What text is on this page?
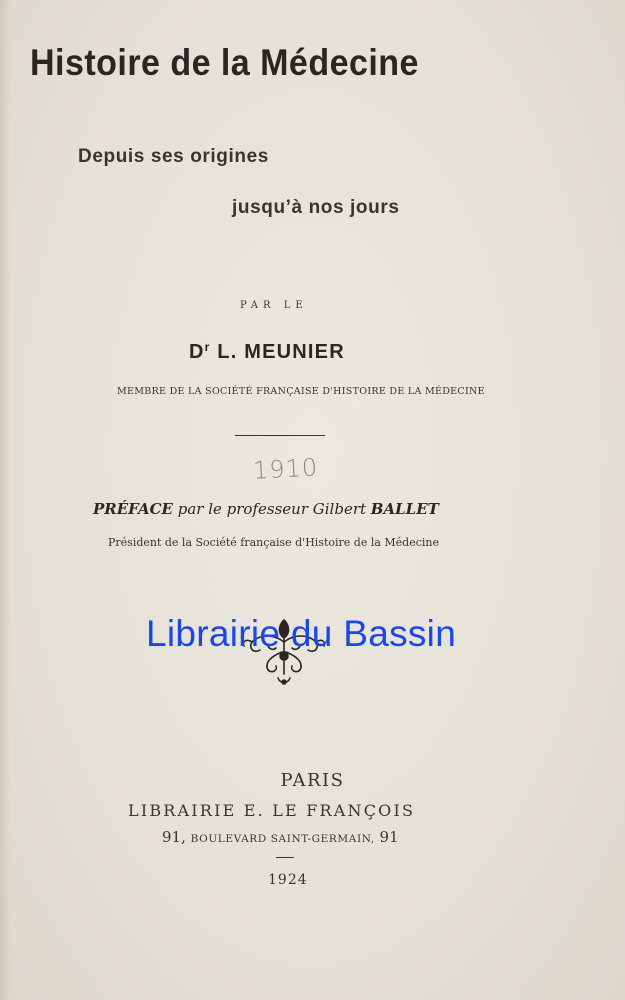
Histoire de la Médecine
Depuis ses origines
jusqu’à nos jours
PAR LE
$D^r$ L. MEUNIER
MEMBRE DE LA SOCIÉTÉ FRANÇAISE D'HISTOIRE DE LA MÉDECINE
1910
PRÉFACE par le professeur Gilbert BALLET
Président de la Société française d'Histoire de la Médecine
Librairie du Bassin
PARIS
LIBRAIRIE E. LE FRANÇOIS
91, BOULEVARD SAINT-GERMAIN, 91
1924
